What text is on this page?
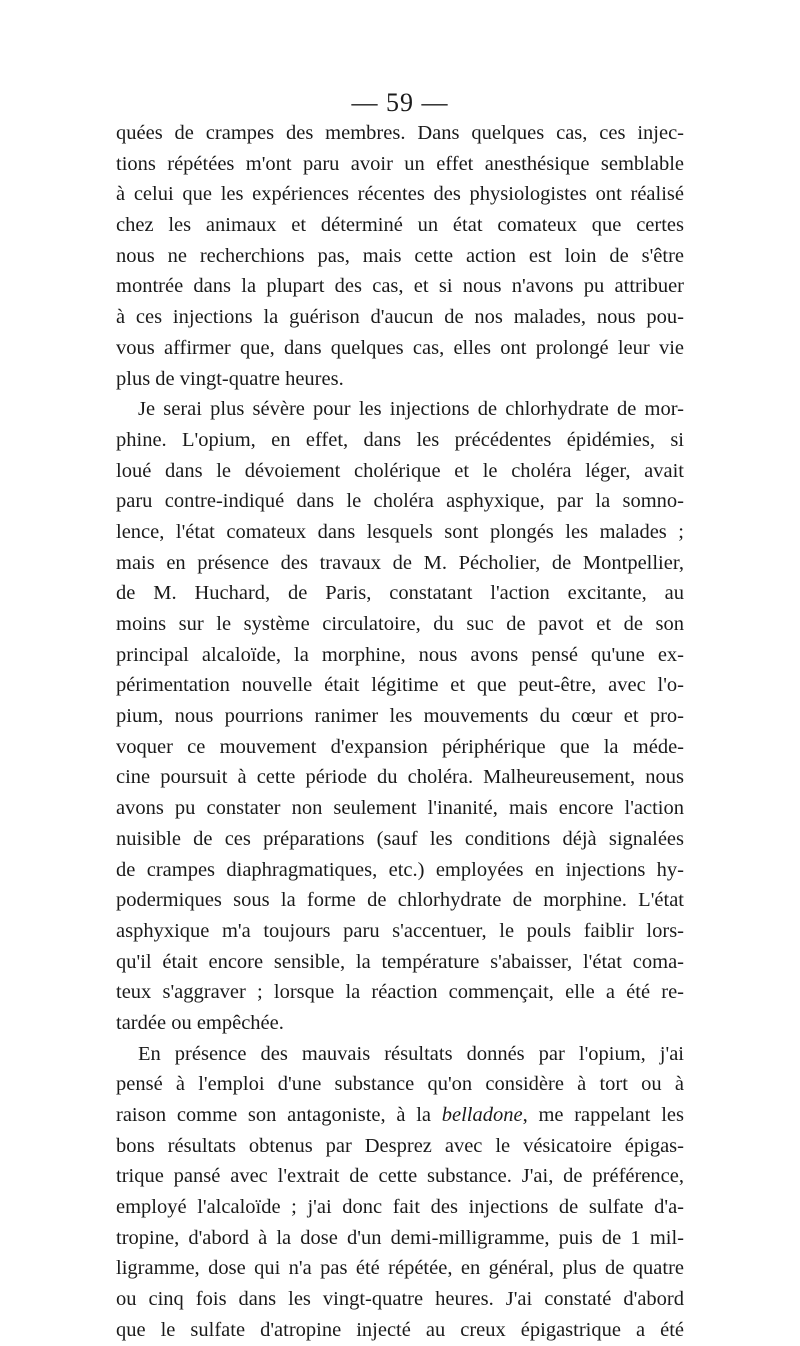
— 59 —
quées de crampes des membres. Dans quelques cas, ces injec-
tions répétées m'ont paru avoir un effet anesthésique semblable
à celui que les expériences récentes des physiologistes ont réalisé
chez les animaux et déterminé un état comateux que certes
nous ne recherchions pas, mais cette action est loin de s'être
montrée dans la plupart des cas, et si nous n'avons pu attribuer
à ces injections la guérison d'aucun de nos malades, nous pou-
vous affirmer que, dans quelques cas, elles ont prolongé leur vie
plus de vingt-quatre heures.
Je serai plus sévère pour les injections de chlorhydrate de mor-
phine. L'opium, en effet, dans les précédentes épidémies, si
loué dans le dévoiement cholérique et le choléra léger, avait
paru contre-indiqué dans le choléra asphyxique, par la somno-
lence, l'état comateux dans lesquels sont plongés les malades ;
mais en présence des travaux de M. Pécholier, de Montpellier,
de M. Huchard, de Paris, constatant l'action excitante, au
moins sur le système circulatoire, du suc de pavot et de son
principal alcaloïde, la morphine, nous avons pensé qu'une ex-
périmentation nouvelle était légitime et que peut-être, avec l'o-
pium, nous pourrions ranimer les mouvements du cœur et pro-
voquer ce mouvement d'expansion périphérique que la méde-
cine poursuit à cette période du choléra. Malheureusement, nous
avons pu constater non seulement l'inanité, mais encore l'action
nuisible de ces préparations (sauf les conditions déjà signalées
de crampes diaphragmatiques, etc.) employées en injections hy-
podermiques sous la forme de chlorhydrate de morphine. L'état
asphyxique m'a toujours paru s'accentuer, le pouls faiblir lors-
qu'il était encore sensible, la température s'abaisser, l'état coma-
teux s'aggraver ; lorsque la réaction commençait, elle a été re-
tardée ou empêchée.
En présence des mauvais résultats donnés par l'opium, j'ai
pensé à l'emploi d'une substance qu'on considère à tort ou à
raison comme son antagoniste, à la belladone, me rappelant les
bons résultats obtenus par Desprez avec le vésicatoire épigas-
trique pansé avec l'extrait de cette substance. J'ai, de préférence,
employé l'alcaloïde ; j'ai donc fait des injections de sulfate d'a-
tropine, d'abord à la dose d'un demi-milligramme, puis de 1 mil-
ligramme, dose qui n'a pas été répétée, en général, plus de quatre
ou cinq fois dans les vingt-quatre heures. J'ai constaté d'abord
que le sulfate d'atropine injecté au creux épigastrique a été
